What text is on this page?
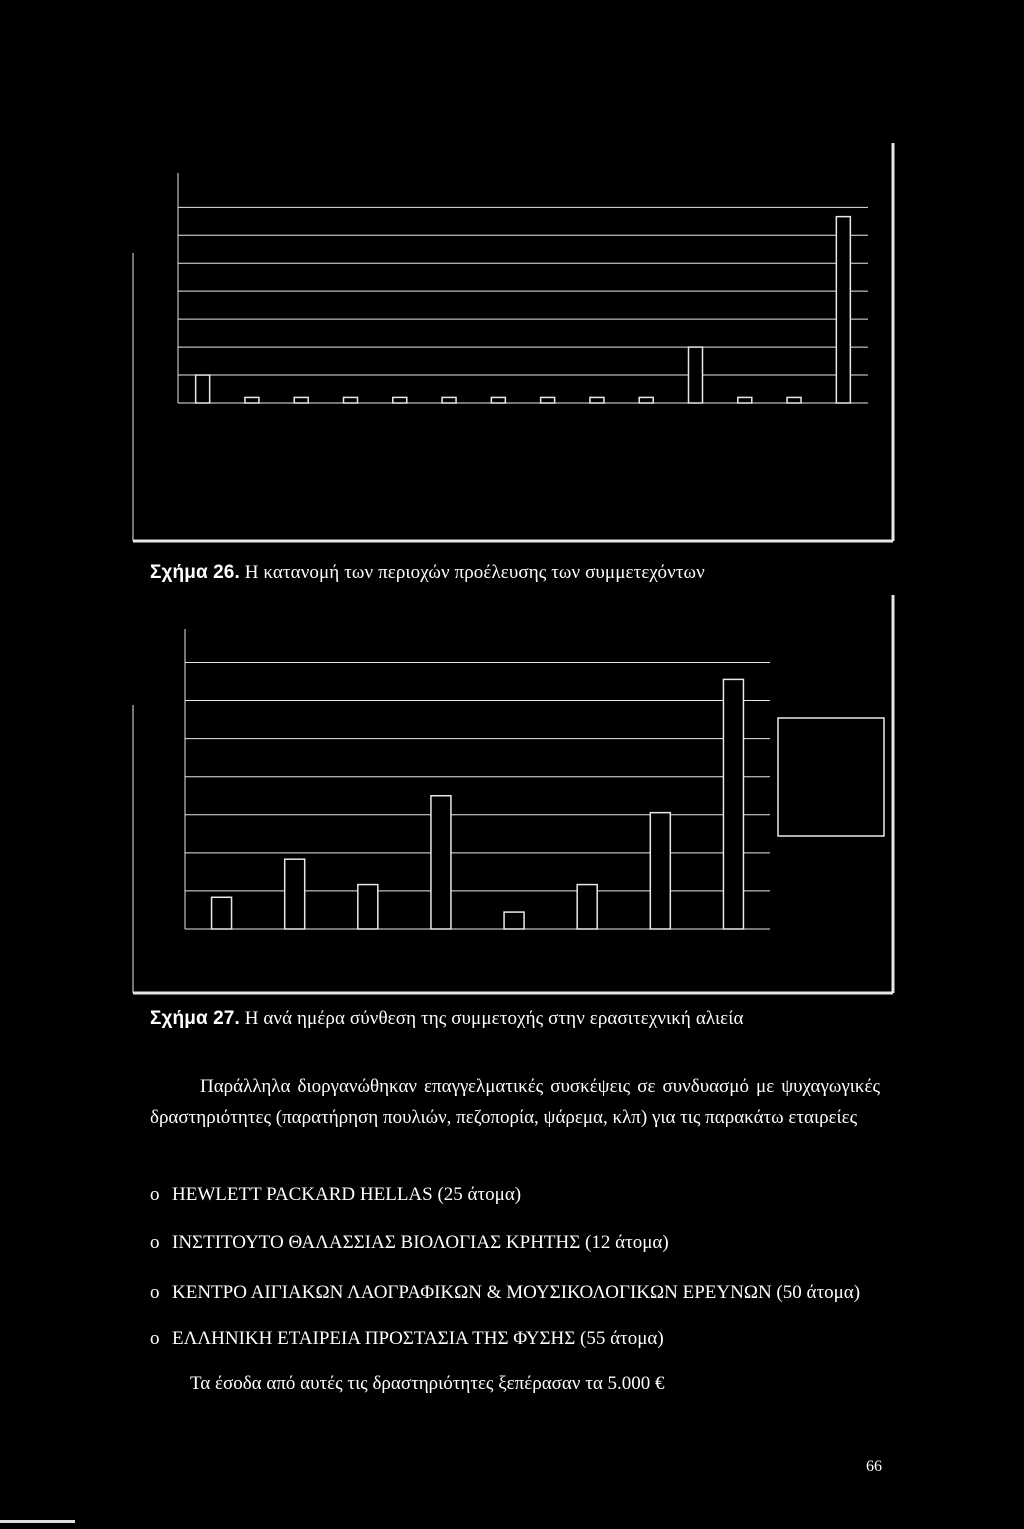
Σχήμα 26. Η κατανομή των περιοχών προέλευσης των συμμετεχόντων
Σχήμα 27. Η ανά ημέρα σύνθεση της συμμετοχής στην ερασιτεχνική αλιεία

Παράλληλα διοργανώθηκαν επαγγελματικές συσκέψεις σε συνδυασμό με ψυχαγωγικές δραστηριότητες (παρατήρηση πουλιών, πεζοπορία, ψάρεμα, κλπ) για τις παρακάτω εταιρείες

o HEWLETT PACKARD HELLAS (25 άτομα)
o ΙΝΣΤΙΤΟΥΤΟ ΘΑΛΑΣΣΙΑΣ ΒΙΟΛΟΓΙΑΣ ΚΡΗΤΗΣ (12 άτομα)
o ΚΕΝΤΡΟ ΑΙΓΙΑΚΩΝ ΛΑΟΓΡΑΦΙΚΩΝ & ΜΟΥΣΙΚΟΛΟΓΙΚΩΝ ΕΡΕΥΝΩΝ (50 άτομα)
o ΕΛΛΗΝΙΚΗ ΕΤΑΙΡΕΙΑ ΠΡΟΣΤΑΣΙΑ ΤΗΣ ΦΥΣΗΣ (55 άτομα)
Τα έσοδα από αυτές τις δραστηριότητες ξεπέρασαν τα 5.000 €
66
